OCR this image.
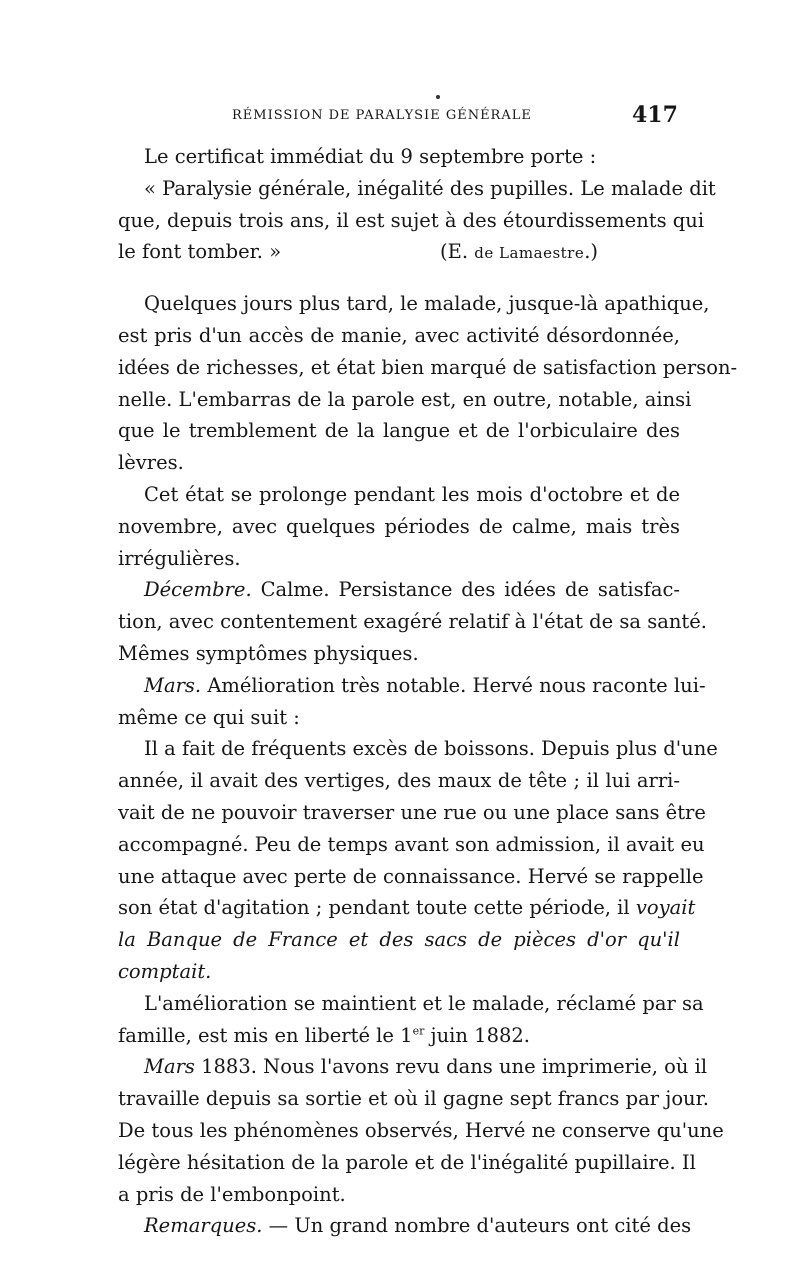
RÉMISSION DE PARALYSIE GÉNÉRALE	417
Le certificat immédiat du 9 septembre porte :
« Paralysie générale, inégalité des pupilles. Le malade dit
que, depuis trois ans, il est sujet à des étourdissements qui
le font tomber. »	(E. de Lamaestre.)
Quelques jours plus tard, le malade, jusque-là apathique,
est pris d'un accès de manie, avec activité désordonnée,
idées de richesses, et état bien marqué de satisfaction person-
nelle. L'embarras de la parole est, en outre, notable, ainsi
que le tremblement de la langue et de l'orbiculaire des
lèvres.
Cet état se prolonge pendant les mois d'octobre et de
novembre, avec quelques périodes de calme, mais très
irrégulières.
Décembre. Calme. Persistance des idées de satisfac-
tion, avec contentement exagéré relatif à l'état de sa santé.
Mêmes symptômes physiques.
Mars. Amélioration très notable. Hervé nous raconte lui-
même ce qui suit :
Il a fait de fréquents excès de boissons. Depuis plus d'une
année, il avait des vertiges, des maux de tête ; il lui arri-
vait de ne pouvoir traverser une rue ou une place sans être
accompagné. Peu de temps avant son admission, il avait eu
une attaque avec perte de connaissance. Hervé se rappelle
son état d'agitation ; pendant toute cette période, il voyait
la Banque de France et des sacs de pièces d'or qu'il
comptait.
L'amélioration se maintient et le malade, réclamé par sa
famille, est mis en liberté le 1er juin 1882.
Mars 1883. Nous l'avons revu dans une imprimerie, où il
travaille depuis sa sortie et où il gagne sept francs par jour.
De tous les phénomènes observés, Hervé ne conserve qu'une
légère hésitation de la parole et de l'inégalité pupillaire. Il
a pris de l'embonpoint.
Remarques. — Un grand nombre d'auteurs ont cité des
